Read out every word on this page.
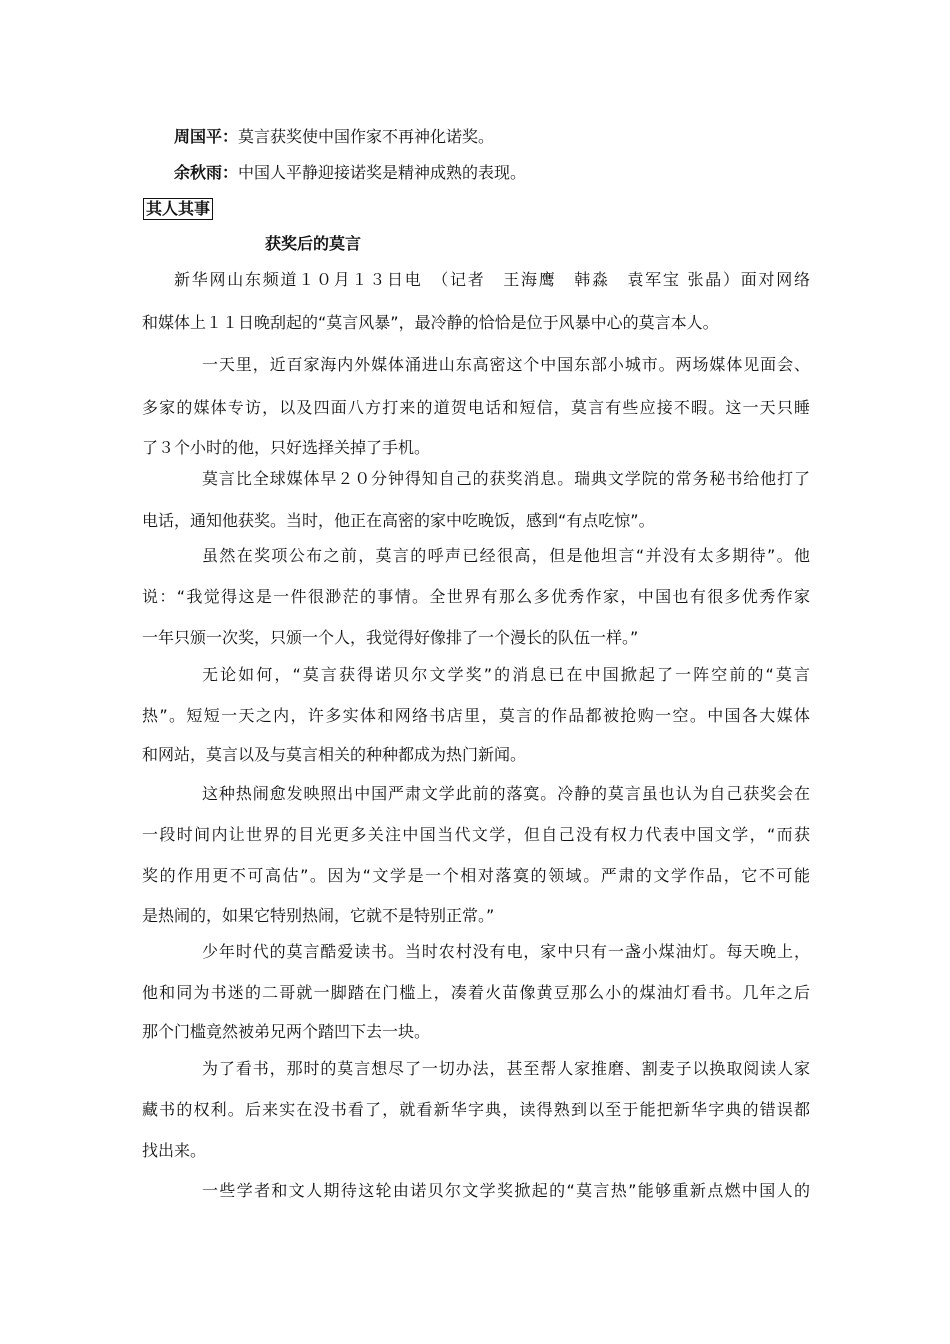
周国平：莫言获奖使中国作家不再神化诺奖。
余秋雨：中国人平静迎接诺奖是精神成熟的表现。
其人其事
获奖后的莫言
新华网山东频道１０月１３日电　（记者　王海鹰　韩淼　袁军宝 张晶）面对网络
和媒体上１１日晚刮起的“莫言风暴”，最冷静的恰恰是位于风暴中心的莫言本人。
一天里，近百家海内外媒体涌进山东高密这个中国东部小城市。两场媒体见面会、
多家的媒体专访，以及四面八方打来的道贺电话和短信，莫言有些应接不暇。这一天只睡
了３个小时的他，只好选择关掉了手机。
莫言比全球媒体早２０分钟得知自己的获奖消息。瑞典文学院的常务秘书给他打了
电话，通知他获奖。当时，他正在高密的家中吃晚饭，感到“有点吃惊”。
虽然在奖项公布之前，莫言的呼声已经很高，但是他坦言“并没有太多期待”。他
说：“我觉得这是一件很渺茫的事情。全世界有那么多优秀作家，中国也有很多优秀作家
一年只颁一次奖，只颁一个人，我觉得好像排了一个漫长的队伍一样。”
无论如何，“莫言获得诺贝尔文学奖”的消息已在中国掀起了一阵空前的“莫言
热”。短短一天之内，许多实体和网络书店里，莫言的作品都被抢购一空。中国各大媒体
和网站，莫言以及与莫言相关的种种都成为热门新闻。
这种热闹愈发映照出中国严肃文学此前的落寞。冷静的莫言虽也认为自己获奖会在
一段时间内让世界的目光更多关注中国当代文学，但自己没有权力代表中国文学，“而获
奖的作用更不可高估”。因为“文学是一个相对落寞的领域。严肃的文学作品，它不可能
是热闹的，如果它特别热闹，它就不是特别正常。”
少年时代的莫言酷爱读书。当时农村没有电，家中只有一盏小煤油灯。每天晚上，
他和同为书迷的二哥就一脚踏在门槛上，凑着火苗像黄豆那么小的煤油灯看书。几年之后
那个门槛竟然被弟兄两个踏凹下去一块。
为了看书，那时的莫言想尽了一切办法，甚至帮人家推磨、割麦子以换取阅读人家
藏书的权利。后来实在没书看了，就看新华字典，读得熟到以至于能把新华字典的错误都
找出来。
一些学者和文人期待这轮由诺贝尔文学奖掀起的“莫言热”能够重新点燃中国人的
